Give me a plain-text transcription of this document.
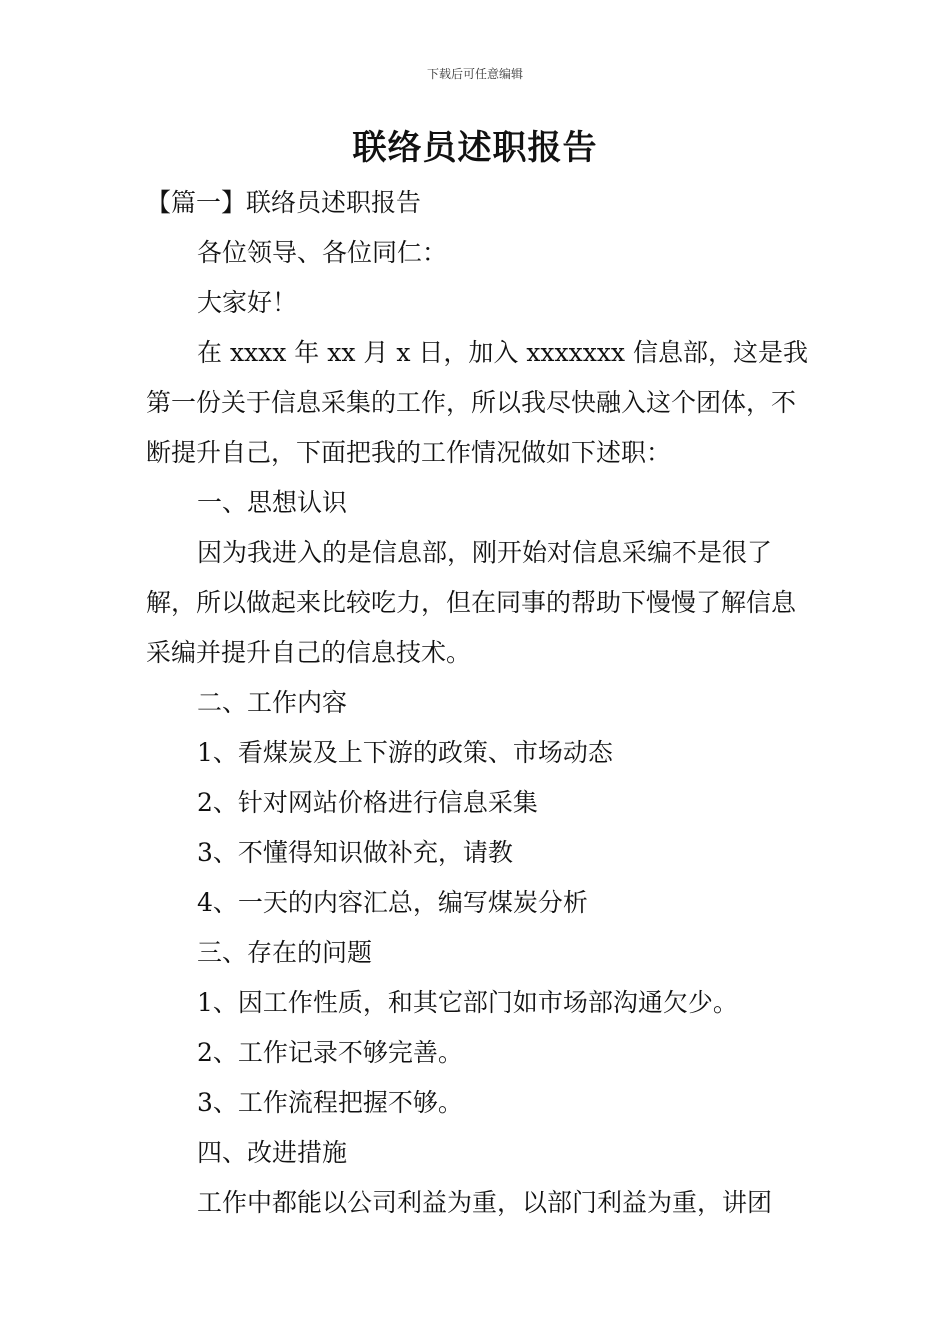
下载后可任意编辑
联络员述职报告

【篇一】联络员述职报告

各位领导、各位同仁：

大家好！

在 xxxx 年 xx 月 x 日，加入 xxxxxxx 信息部，这是我第一份关于信息采集的工作，所以我尽快融入这个团体，不断提升自己，下面把我的工作情况做如下述职：

一、思想认识

因为我进入的是信息部，刚开始对信息采编不是很了解，所以做起来比较吃力，但在同事的帮助下慢慢了解信息采编并提升自己的信息技术。

二、工作内容

1、看煤炭及上下游的政策、市场动态

2、针对网站价格进行信息采集

3、不懂得知识做补充，请教

4、一天的内容汇总，编写煤炭分析

三、存在的问题

1、因工作性质，和其它部门如市场部沟通欠少。

2、工作记录不够完善。

3、工作流程把握不够。

四、改进措施

工作中都能以公司利益为重，以部门利益为重，讲团
